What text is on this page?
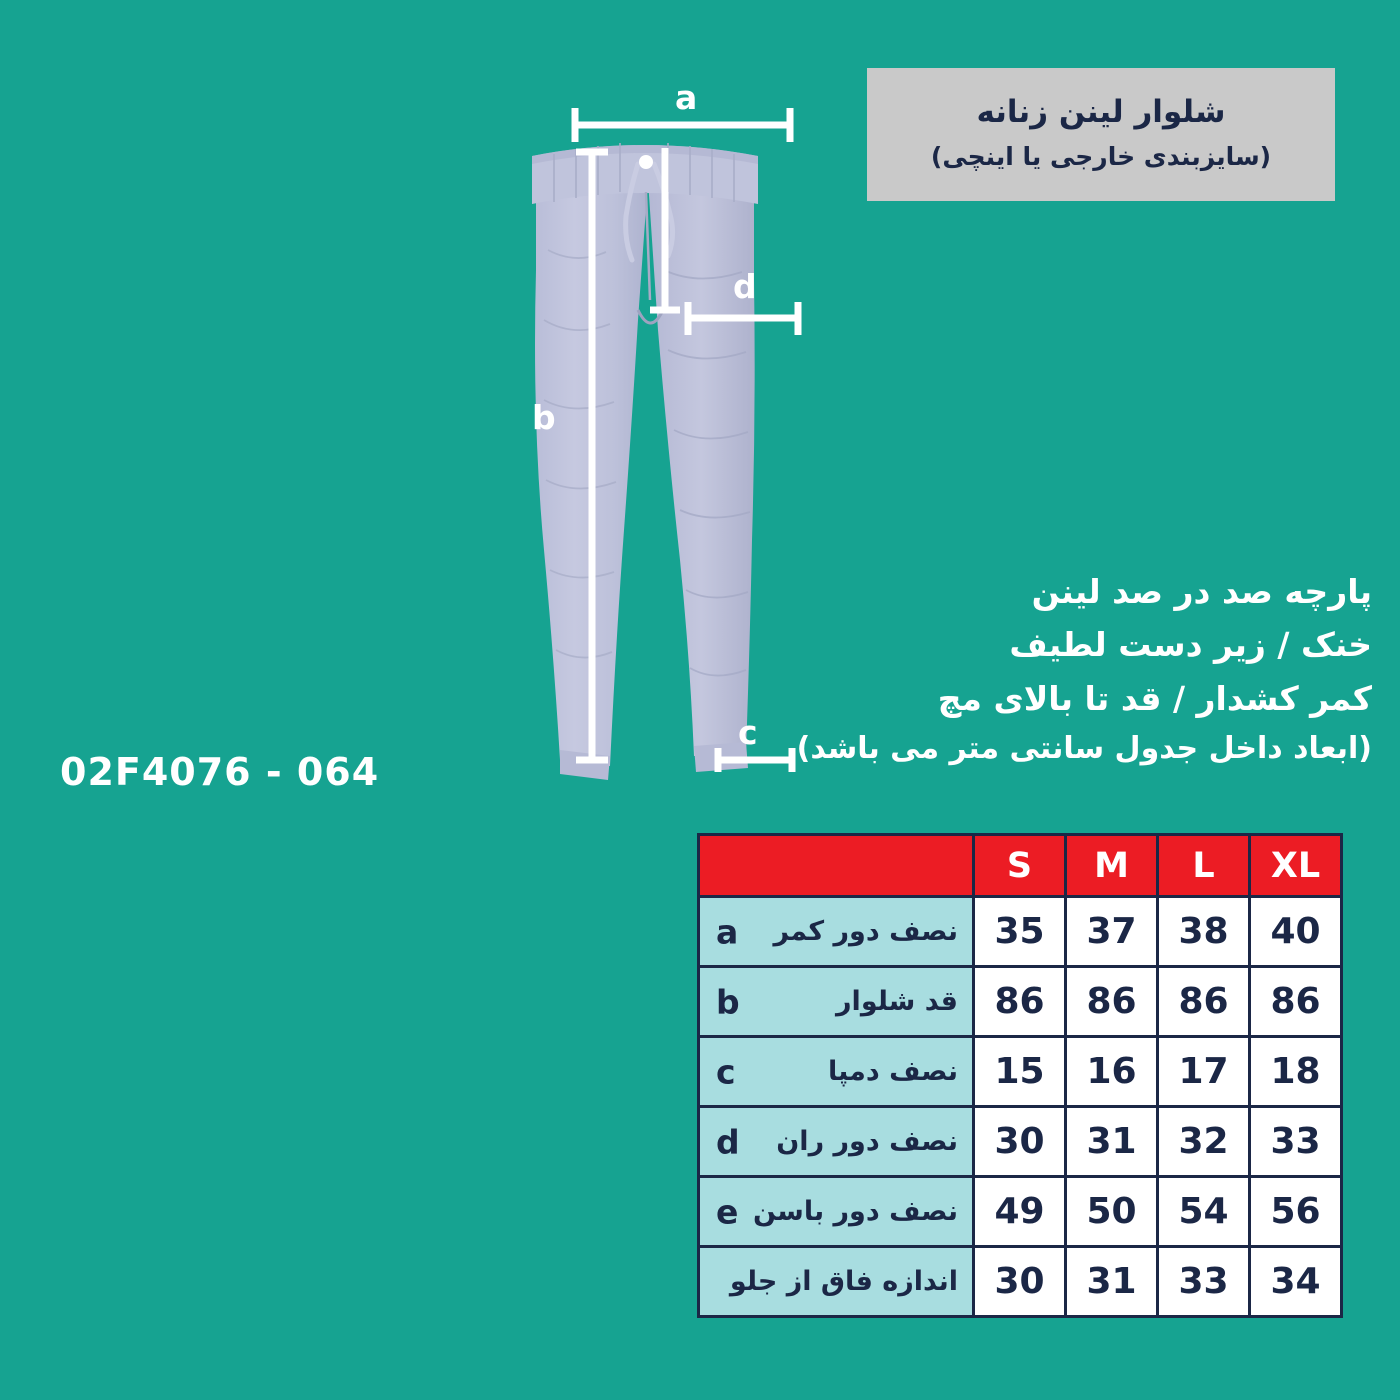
شلوار لینن زنانه
(سایزبندی خارجی یا اینچی)
a
b
d
c
پارچه صد در صد لینن
خنک / زیر دست لطیف
کمر کشدار / قد تا بالای مچ
(ابعاد داخل جدول سانتی متر می باشد)
02F4076 - 064
XL	L	M	S	
40	38	37	35	نصف دور کمر
a

86	86	86	86	قد شلوار
b

18	17	16	15	نصف دمپا
c

33	32	31	30	نصف دور ران
d

56	54	50	49	نصف دور باسن
e

34	33	31	30	اندازه فاق از جلو
